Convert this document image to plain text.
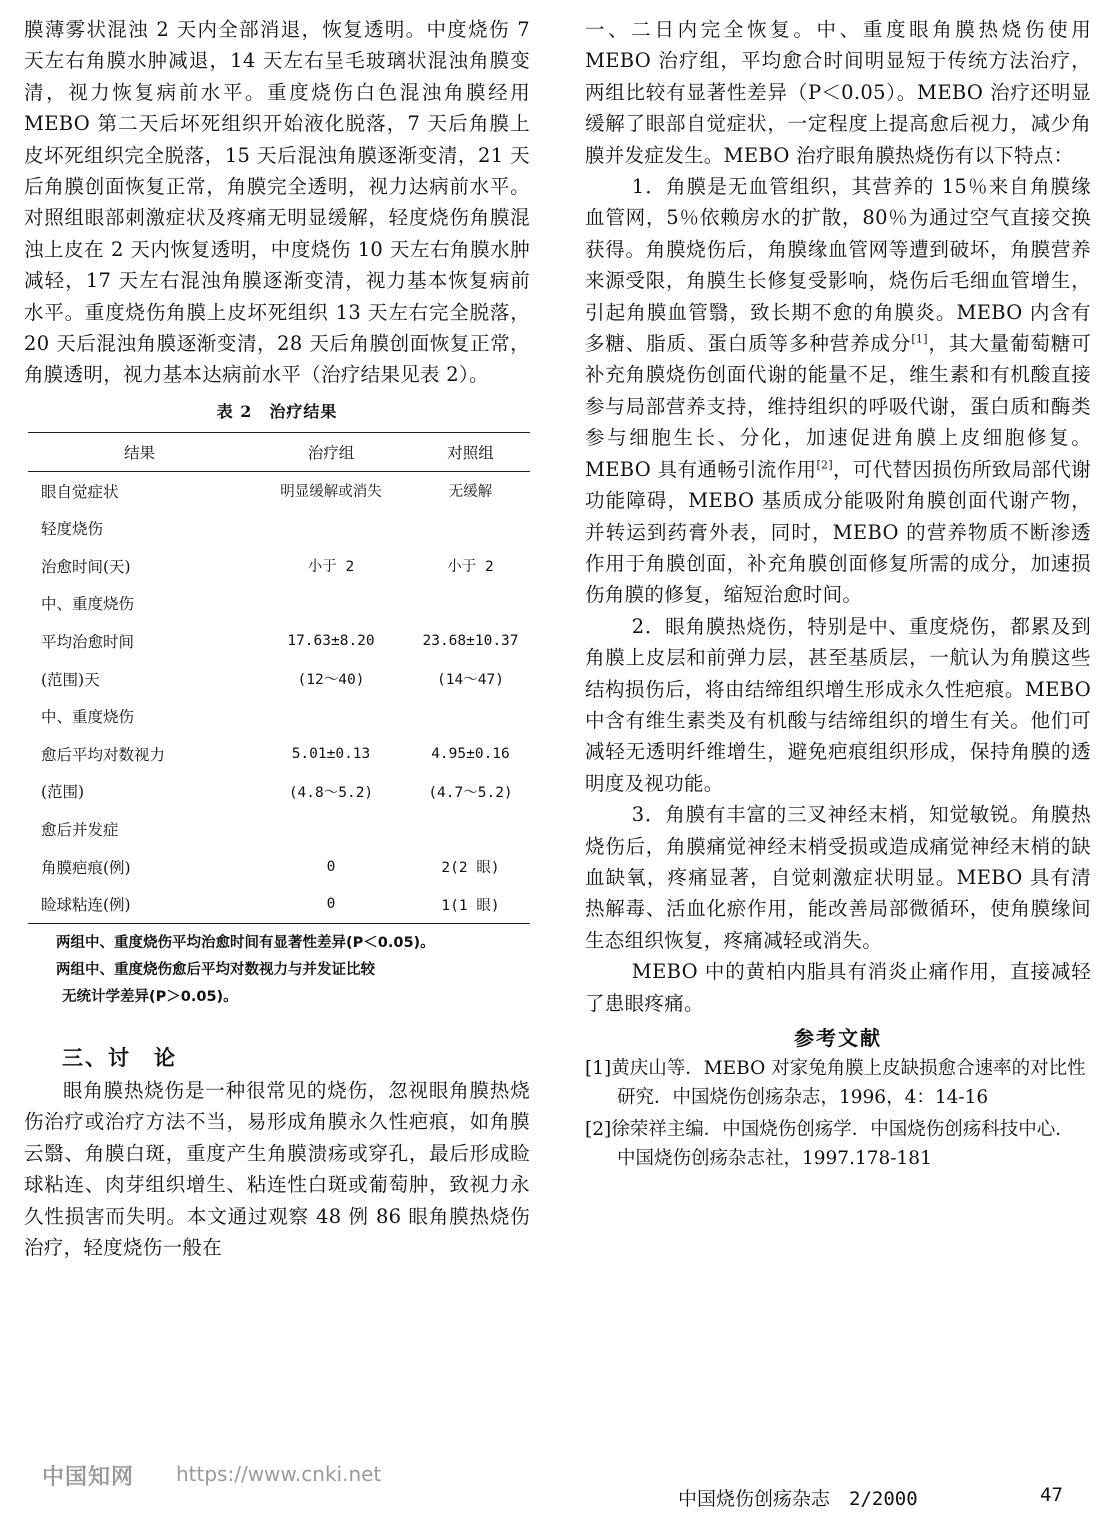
膜薄雾状混浊 2 天内全部消退，恢复透明。中度烧伤 7 天左右角膜水肿减退，14 天左右呈毛玻璃状混浊角膜变清，视力恢复病前水平。重度烧伤白色混浊角膜经用 MEBO 第二天后坏死组织开始液化脱落，7 天后角膜上皮坏死组织完全脱落，15 天后混浊角膜逐渐变清，21 天后角膜创面恢复正常，角膜完全透明，视力达病前水平。对照组眼部刺激症状及疼痛无明显缓解，轻度烧伤角膜混浊上皮在 2 天内恢复透明，中度烧伤 10 天左右角膜水肿减轻，17 天左右混浊角膜逐渐变清，视力基本恢复病前水平。重度烧伤角膜上皮坏死组织 13 天左右完全脱落，20 天后混浊角膜逐渐变清，28 天后角膜创面恢复正常，角膜透明，视力基本达病前水平（治疗结果见表 2）。

表 2　治疗结果
结果	治疗组	对照组
眼自觉症状	明显缓解或消失	无缓解
轻度烧伤		
治愈时间(天)	小于 2	小于 2
中、重度烧伤		
平均治愈时间	17.63±8.20	23.68±10.37
(范围)天	(12～40)	(14～47)
中、重度烧伤		
愈后平均对数视力	5.01±0.13	4.95±0.16
(范围)	(4.8～5.2)	(4.7～5.2)
愈后并发症		
角膜疤痕(例)	0	2(2 眼)
睑球粘连(例)	0	1(1 眼)
两组中、重度烧伤平均治愈时间有显著性差异(P＜0.05)。
两组中、重度烧伤愈后平均对数视力与并发证比较
无统计学差异(P＞0.05)。
三、讨　论

眼角膜热烧伤是一种很常见的烧伤，忽视眼角膜热烧伤治疗或治疗方法不当，易形成角膜永久性疤痕，如角膜云翳、角膜白斑，重度产生角膜溃疡或穿孔，最后形成睑球粘连、肉芽组织增生、粘连性白斑或葡萄肿，致视力永久性损害而失明。本文通过观察 48 例 86 眼角膜热烧伤治疗，轻度烧伤一般在

一、二日内完全恢复。中、重度眼角膜热烧伤使用 MEBO 治疗组，平均愈合时间明显短于传统方法治疗，两组比较有显著性差异（P＜0.05）。MEBO 治疗还明显缓解了眼部自觉症状，一定程度上提高愈后视力，减少角膜并发症发生。MEBO 治疗眼角膜热烧伤有以下特点：

1．角膜是无血管组织，其营养的 15％来自角膜缘血管网，5％依赖房水的扩散，80％为通过空气直接交换获得。角膜烧伤后，角膜缘血管网等遭到破坏，角膜营养来源受限，角膜生长修复受影响，烧伤后毛细血管增生，引起角膜血管翳，致长期不愈的角膜炎。MEBO 内含有多糖、脂质、蛋白质等多种营养成分[1]，其大量葡萄糖可补充角膜烧伤创面代谢的能量不足，维生素和有机酸直接参与局部营养支持，维持组织的呼吸代谢，蛋白质和酶类参与细胞生长、分化，加速促进角膜上皮细胞修复。MEBO 具有通畅引流作用[2]，可代替因损伤所致局部代谢功能障碍，MEBO 基质成分能吸附角膜创面代谢产物，并转运到药膏外表，同时，MEBO 的营养物质不断渗透作用于角膜创面，补充角膜创面修复所需的成分，加速损伤角膜的修复，缩短治愈时间。

2．眼角膜热烧伤，特别是中、重度烧伤，都累及到角膜上皮层和前弹力层，甚至基质层，一航认为角膜这些结构损伤后，将由结缔组织增生形成永久性疤痕。MEBO 中含有维生素类及有机酸与结缔组织的增生有关。他们可减轻无透明纤维增生，避免疤痕组织形成，保持角膜的透明度及视功能。

3．角膜有丰富的三叉神经末梢，知觉敏锐。角膜热烧伤后，角膜痛觉神经末梢受损或造成痛觉神经末梢的缺血缺氧，疼痛显著，自觉刺激症状明显。MEBO 具有清热解毒、活血化瘀作用，能改善局部微循环，使角膜缘间生态组织恢复，疼痛减轻或消失。

MEBO 中的黄柏内脂具有消炎止痛作用，直接减轻了患眼疼痛。

参考文献

[1]黄庆山等．MEBO 对家兔角膜上皮缺损愈合速率的对比性研究．中国烧伤创疡杂志，1996，4：14-16

[2]徐荣祥主编．中国烧伤创疡学．中国烧伤创疡科技中心．中国烧伤创疡杂志社，1997.178-181

中国知网 https://www.cnki.net
中国烧伤创疡杂志　2/2000	47
